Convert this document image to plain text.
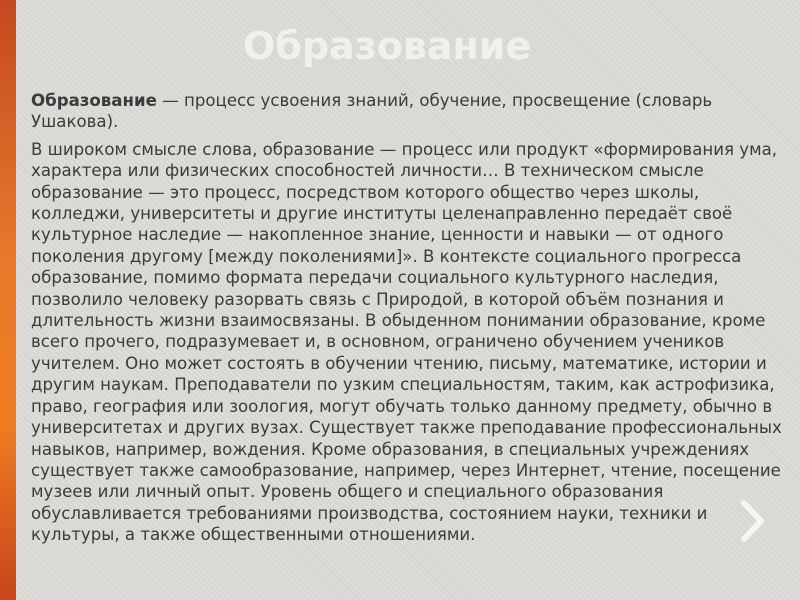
Образование

Образование — процесс усвоения знаний, обучение, просвещение (словарь Ушакова).

В широком смысле слова, образование — процесс или продукт «формирования ума, характера или физических способностей личности… В техническом смысле образование — это процесс, посредством которого общество через школы, колледжи, университеты и другие институты целенаправленно передаёт своё культурное наследие — накопленное знание, ценности и навыки — от одного поколения другому [между поколениями]». В контексте социального прогресса образование, помимо формата передачи социального культурного наследия, позволило человеку разорвать связь с Природой, в которой объём познания и длительность жизни взаимосвязаны. В обыденном понимании образование, кроме всего прочего, подразумевает и, в основном, ограничено обучением учеников учителем. Оно может состоять в обучении чтению, письму, математике, истории и другим наукам. Преподаватели по узким специальностям, таким, как астрофизика, право, география или зоология, могут обучать только данному предмету, обычно в университетах и других вузах. Существует также преподавание профессиональных навыков, например, вождения. Кроме образования, в специальных учреждениях существует также самообразование, например, через Интернет, чтение, посещение музеев или личный опыт. Уровень общего и специального образования обуславливается требованиями производства, состоянием науки, техники и культуры, а также общественными отношениями.
